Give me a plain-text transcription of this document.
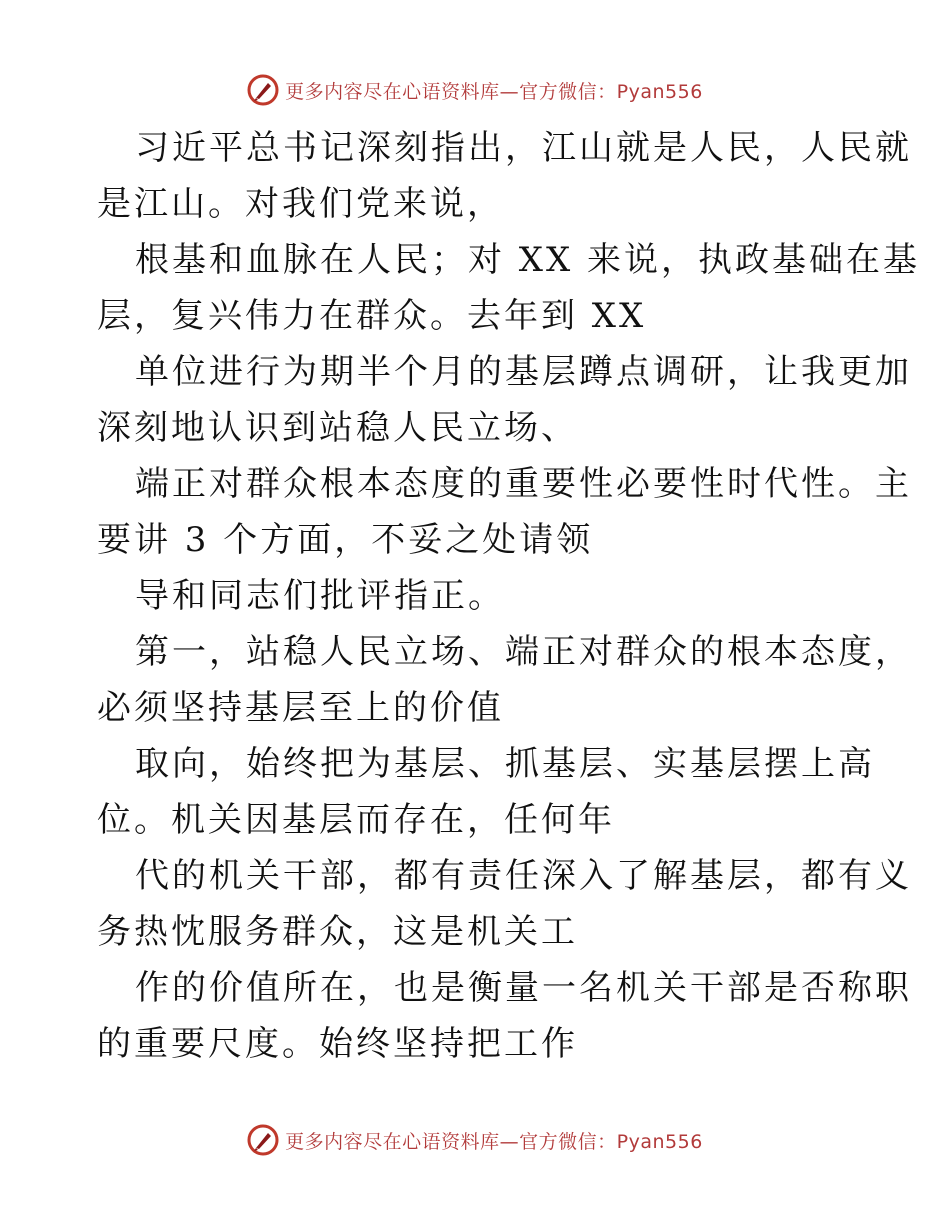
更多内容尽在心语资料库—官方微信：Pyan556
习近平总书记深刻指出，江山就是人民，人民就
是江山。对我们党来说，
根基和血脉在人民；对 XX 来说，执政基础在基
层，复兴伟力在群众。去年到 XX
单位进行为期半个月的基层蹲点调研，让我更加
深刻地认识到站稳人民立场、
端正对群众根本态度的重要性必要性时代性。主
要讲 3 个方面，不妥之处请领
导和同志们批评指正。
第一，站稳人民立场、端正对群众的根本态度，
必须坚持基层至上的价值
取向，始终把为基层、抓基层、实基层摆上高
位。机关因基层而存在，任何年
代的机关干部，都有责任深入了解基层，都有义
务热忱服务群众，这是机关工
作的价值所在，也是衡量一名机关干部是否称职
的重要尺度。始终坚持把工作
更多内容尽在心语资料库—官方微信：Pyan556
